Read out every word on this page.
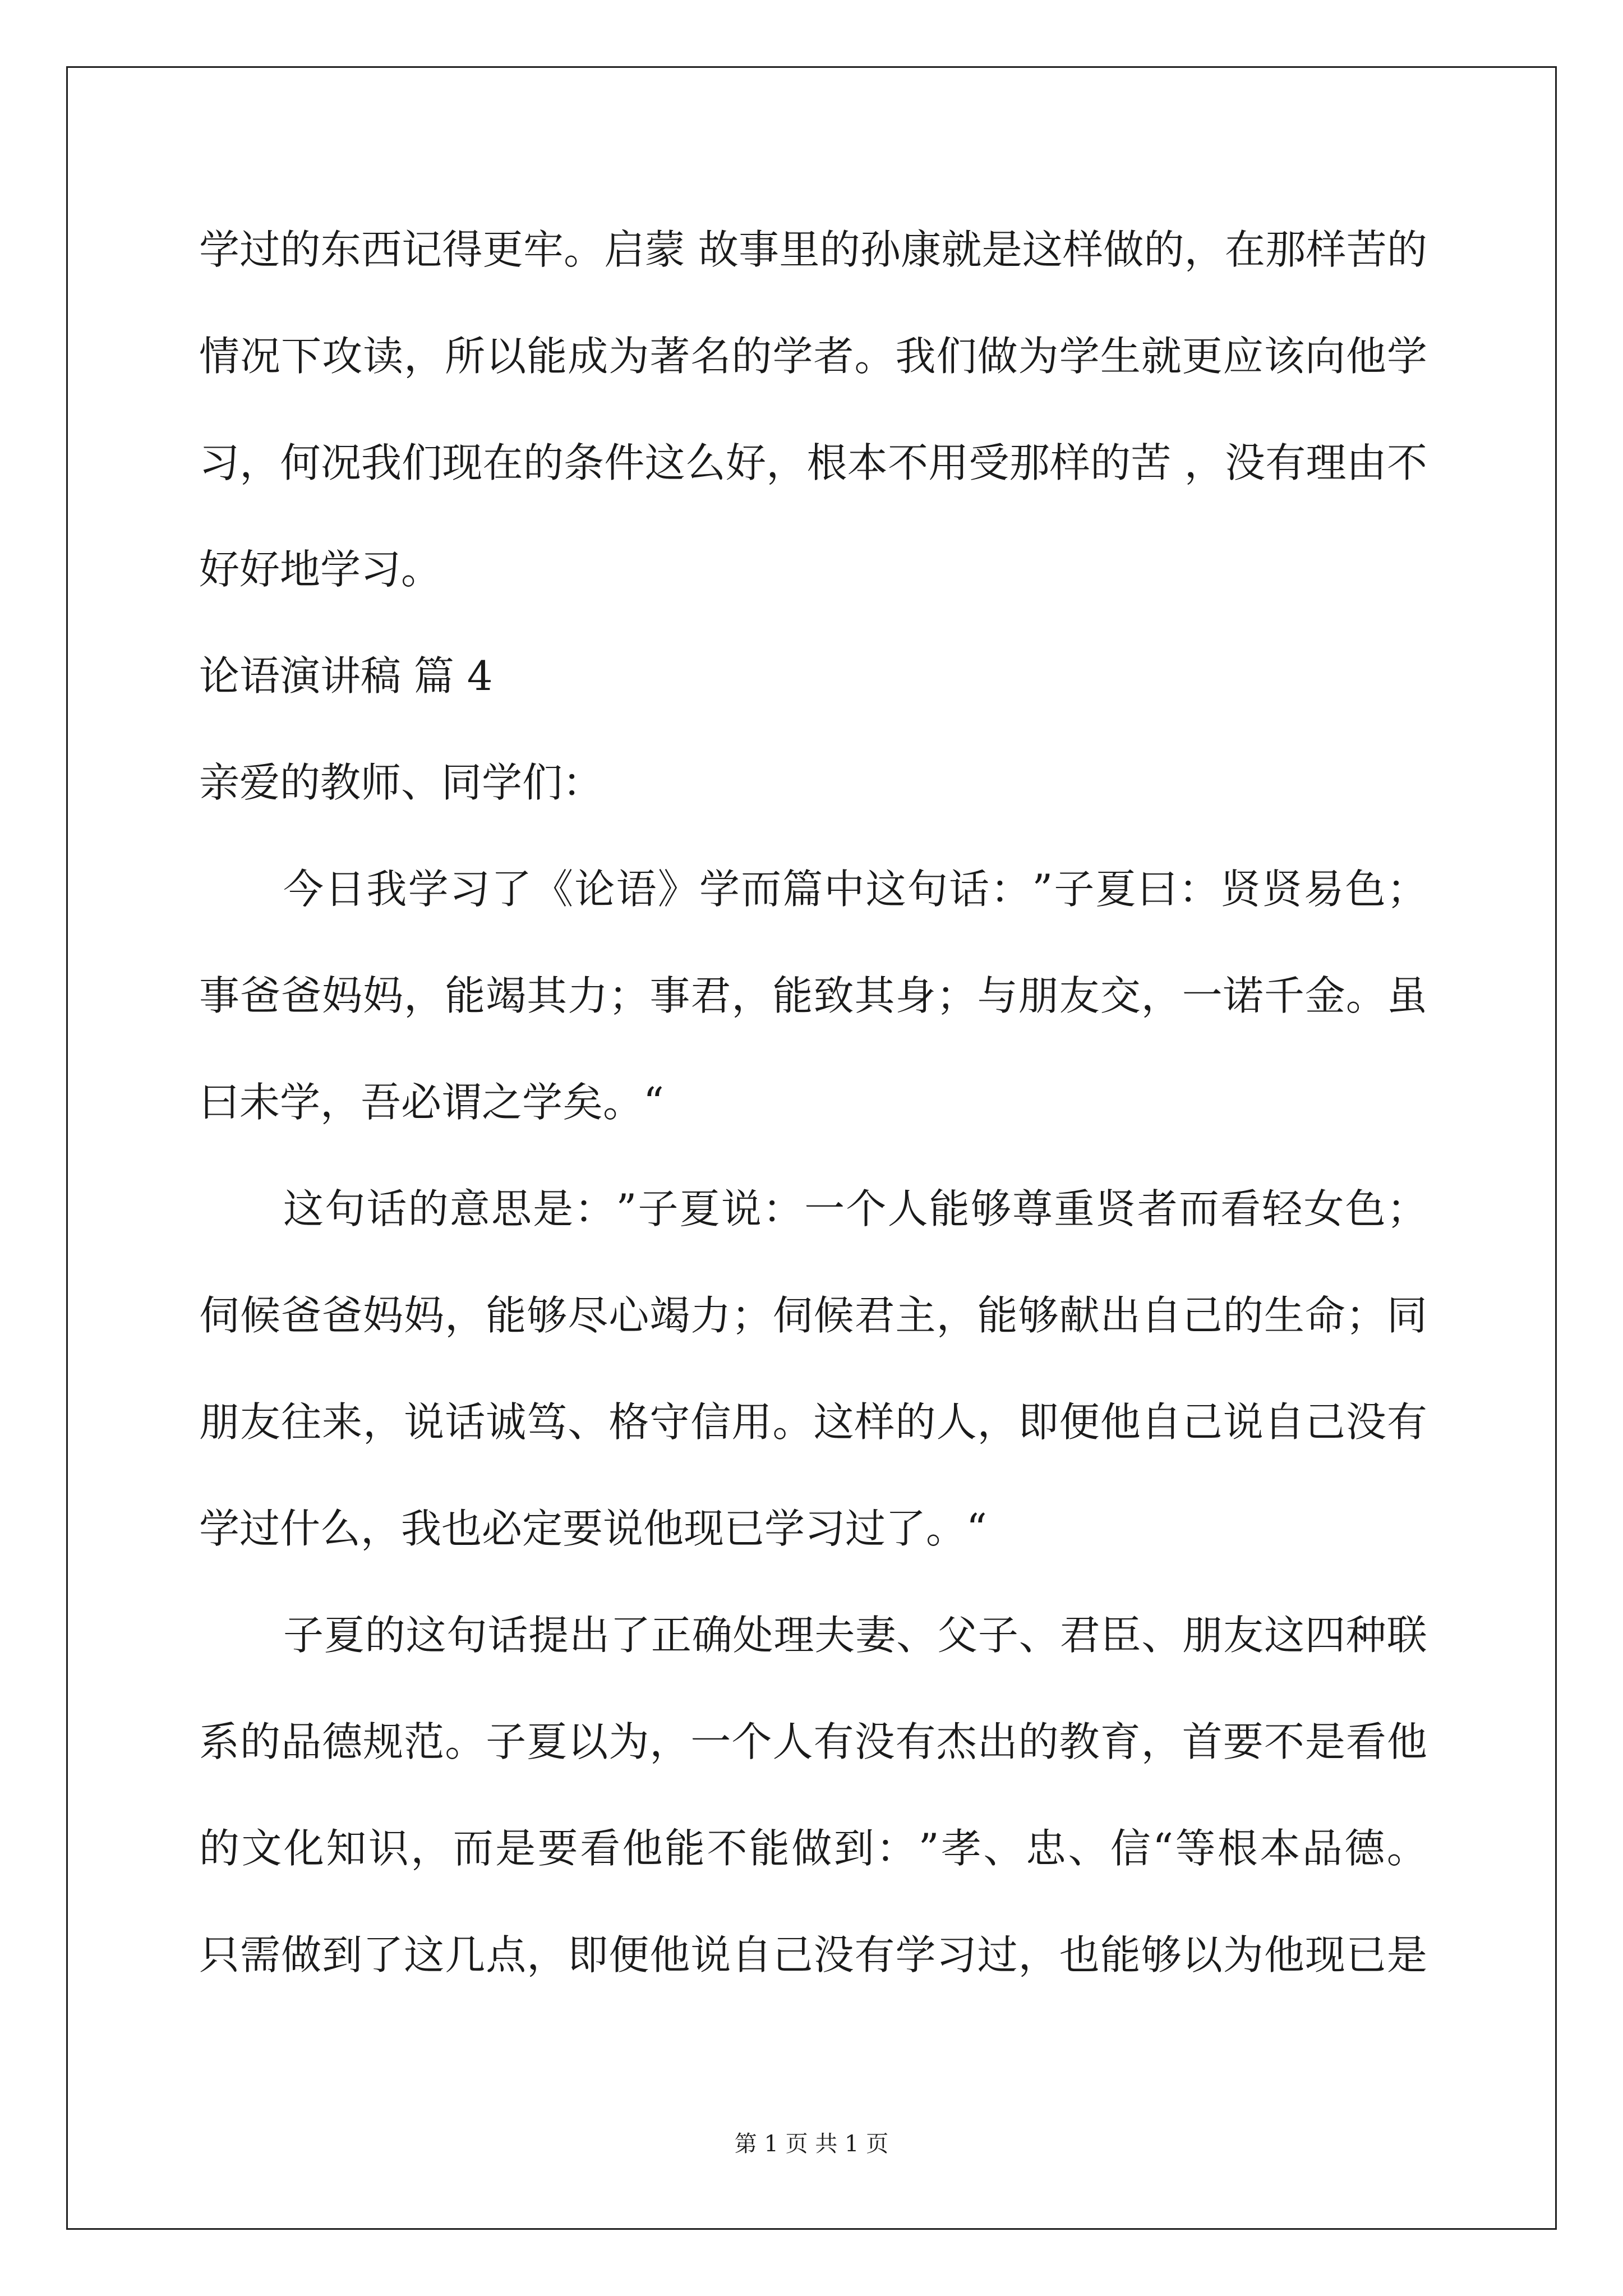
学 过 的 东 西 记 得 更 牢 。 启 蒙
故 事 里 的 孙 康 就 是 这 样 做 的 ， 在 那 样 苦 的
情 况 下 攻 读 ， 所 以 能 成 为 著 名 的 学 者 。 我 们 做 为 学 生 就 更 应 该 向 他 学
习 ， 何 况 我 们 现 在 的 条 件 这 么 好 ， 根 本 不 用 受 那 样 的 苦
， 没 有 理 由 不
好好地学习。
论语演讲稿 篇 4
亲爱的教师、同学们：
今 日 我 学 习 了 《 论 语 》 学 而 篇 中 这 句 话 ： ” 子 夏 曰 ： 贤 贤 易 色 ；
事 爸 爸 妈 妈 ， 能 竭 其 力 ； 事 君 ， 能 致 其 身 ； 与 朋 友 交 ， 一 诺 千 金 。 虽
曰未学，吾必谓之学矣。“
这 句 话 的 意 思 是 ： ” 子 夏 说 ： 一 个 人 能 够 尊 重 贤 者 而 看 轻 女 色 ；
伺 候 爸 爸 妈 妈 ， 能 够 尽 心 竭 力 ； 伺 候 君 主 ， 能 够 献 出 自 己 的 生 命 ； 同
朋 友 往 来 ， 说 话 诚 笃 、 格 守 信 用 。 这 样 的 人 ， 即 便 他 自 己 说 自 己 没 有
学过什么，我也必定要说他现已学习过了。“
子 夏 的 这 句 话 提 出 了 正 确 处 理 夫 妻 、 父 子 、 君 臣 、 朋 友 这 四 种 联
系 的 品 德 规 范 。 子 夏 以 为 ， 一 个 人 有 没 有 杰 出 的 教 育 ， 首 要 不 是 看 他
的 文 化 知 识 ， 而 是 要 看 他 能 不 能 做 到 ： ” 孝 、 忠 、 信 “ 等 根 本 品 德 。
只 需 做 到 了 这 几 点 ， 即 便 他 说 自 己 没 有 学 习 过 ， 也 能 够 以 为 他 现 已 是
第 1 页 共 1 页
